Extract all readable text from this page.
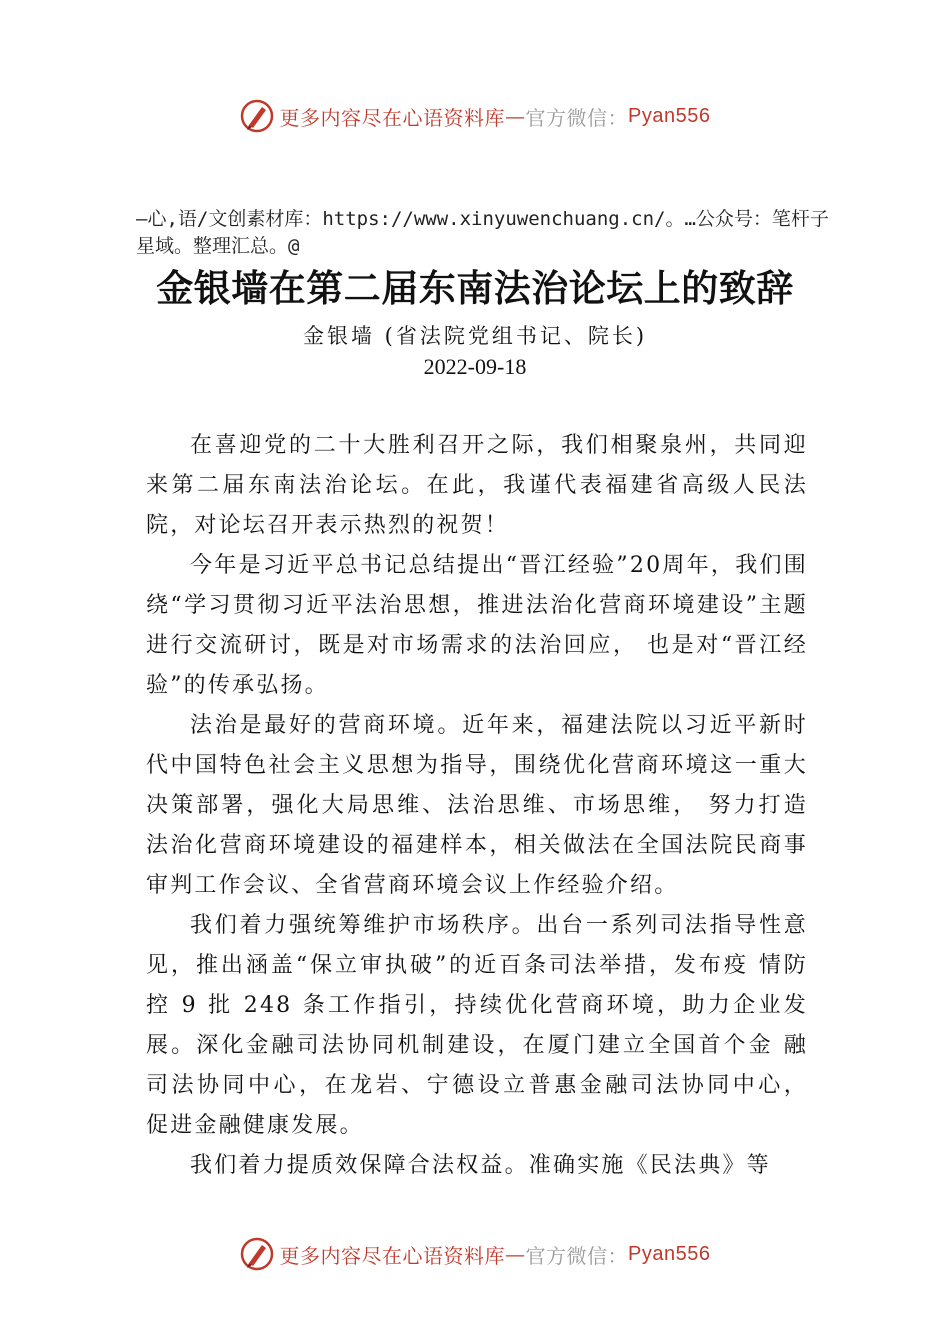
更多内容尽在心语资料库 — 官方微信： Pyan556
—心,语/文创素材库：https://www.xinyuwenchuang.cn/。…公众号：笔杆子星域。整理汇总。@
金银墙在第二届东南法治论坛上的致辞
金银墙 (省法院党组书记、院长)
2022-09-18

在喜迎党的二十大胜利召开之际，我们相聚泉州，共同迎来第二届东南法治论坛。在此，我谨代表福建省高级人民法院，对论坛召开表示热烈的祝贺！

今年是习近平总书记总结提出“晋江经验”20周年，我们围绕“学习贯彻习近平法治思想，推进法治化营商环境建设”主题进行交流研讨，既是对市场需求的法治回应， 也是对“晋江经验”的传承弘扬。

法治是最好的营商环境。近年来，福建法院以习近平新时代中国特色社会主义思想为指导，围绕优化营商环境这一重大决策部署，强化大局思维、法治思维、市场思维， 努力打造法治化营商环境建设的福建样本，相关做法在全国法院民商事审判工作会议、全省营商环境会议上作经验介绍。

我们着力强统筹维护市场秩序。出台一系列司法指导性意见，推出涵盖“保立审执破”的近百条司法举措，发布疫 情防控 9 批 248 条工作指引，持续优化营商环境，助力企业发展。深化金融司法协同机制建设，在厦门建立全国首个金 融司法协同中心，在龙岩、宁德设立普惠金融司法协同中心， 促进金融健康发展。

我们着力提质效保障合法权益。准确实施《民法典》等

更多内容尽在心语资料库 — 官方微信： Pyan556
